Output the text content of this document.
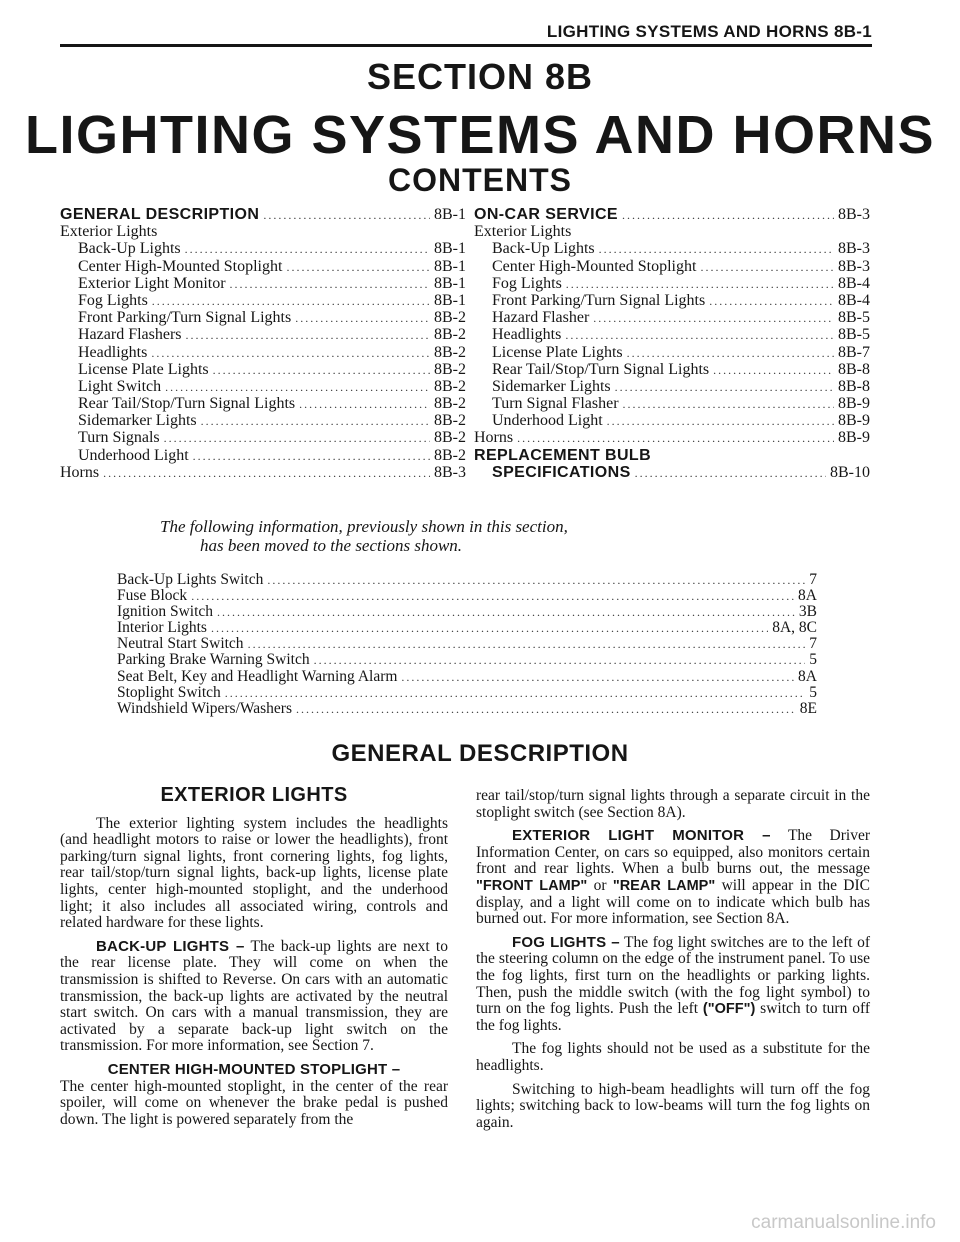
LIGHTING SYSTEMS AND HORNS 8B-1
SECTION 8B
LIGHTING SYSTEMS AND HORNS
CONTENTS
GENERAL DESCRIPTION .....	8B-1
Exterior Lights
Back-Up Lights .....	8B-1
Center High-Mounted Stoplight .....	8B-1
Exterior Light Monitor .....	8B-1
Fog Lights .....	8B-1
Front Parking/Turn Signal Lights .....	8B-2
Hazard Flashers .....	8B-2
Headlights .....	8B-2
License Plate Lights .....	8B-2
Light Switch .....	8B-2
Rear Tail/Stop/Turn Signal Lights .....	8B-2
Sidemarker Lights .....	8B-2
Turn Signals .....	8B-2
Underhood Light .....	8B-2
Horns .....	8B-3
ON-CAR SERVICE .....	8B-3
Exterior Lights
Back-Up Lights .....	8B-3
Center High-Mounted Stoplight .....	8B-3
Fog Lights .....	8B-4
Front Parking/Turn Signal Lights .....	8B-4
Hazard Flasher .....	8B-5
Headlights .....	8B-5
License Plate Lights .....	8B-7
Rear Tail/Stop/Turn Signal Lights .....	8B-8
Sidemarker Lights .....	8B-8
Turn Signal Flasher .....	8B-9
Underhood Light .....	8B-9
Horns .....	8B-9
REPLACEMENT BULB
SPECIFICATIONS .....	8B-10
The following information, previously shown in this section,
has been moved to the sections shown.
Back-Up Lights Switch .....	7
Fuse Block .....	8A
Ignition Switch .....	3B
Interior Lights .....	8A, 8C
Neutral Start Switch .....	7
Parking Brake Warning Switch .....	5
Seat Belt, Key and Headlight Warning Alarm .....	8A
Stoplight Switch .....	5
Windshield Wipers/Washers .....	8E
GENERAL DESCRIPTION
EXTERIOR LIGHTS

The exterior lighting system includes the headlights (and headlight motors to raise or lower the headlights), front parking/turn signal lights, front cornering lights, fog lights, rear tail/stop/turn signal lights, back-up lights, license plate lights, center high-mounted stoplight, and the underhood light; it also includes all associated wiring, controls and related hardware for these lights.

BACK-UP LIGHTS – The back-up lights are next to the rear license plate. They will come on when the transmission is shifted to Reverse. On cars with an automatic transmission, the back-up lights are activated by the neutral start switch. On cars with a manual transmission, they are activated by a separate back-up light switch on the transmission. For more information, see Section 7.

CENTER HIGH-MOUNTED STOPLIGHT –
The center high-mounted stoplight, in the center of the rear spoiler, will come on whenever the brake pedal is pushed down. The light is powered separately from the

rear tail/stop/turn signal lights through a separate circuit in the stoplight switch (see Section 8A).

EXTERIOR LIGHT MONITOR – The Driver Information Center, on cars so equipped, also monitors certain front and rear lights. When a bulb burns out, the message "FRONT LAMP" or "REAR LAMP" will appear in the DIC display, and a light will come on to indicate which bulb has burned out. For more information, see Section 8A.

FOG LIGHTS – The fog light switches are to the left of the steering column on the edge of the instrument panel. To use the fog lights, first turn on the headlights or parking lights. Then, push the middle switch (with the fog light symbol) to turn on the fog lights. Push the left ("OFF") switch to turn off the fog lights.

The fog lights should not be used as a substitute for the headlights.

Switching to high-beam headlights will turn off the fog lights; switching back to low-beams will turn the fog lights on again.

carmanualsonline.info
